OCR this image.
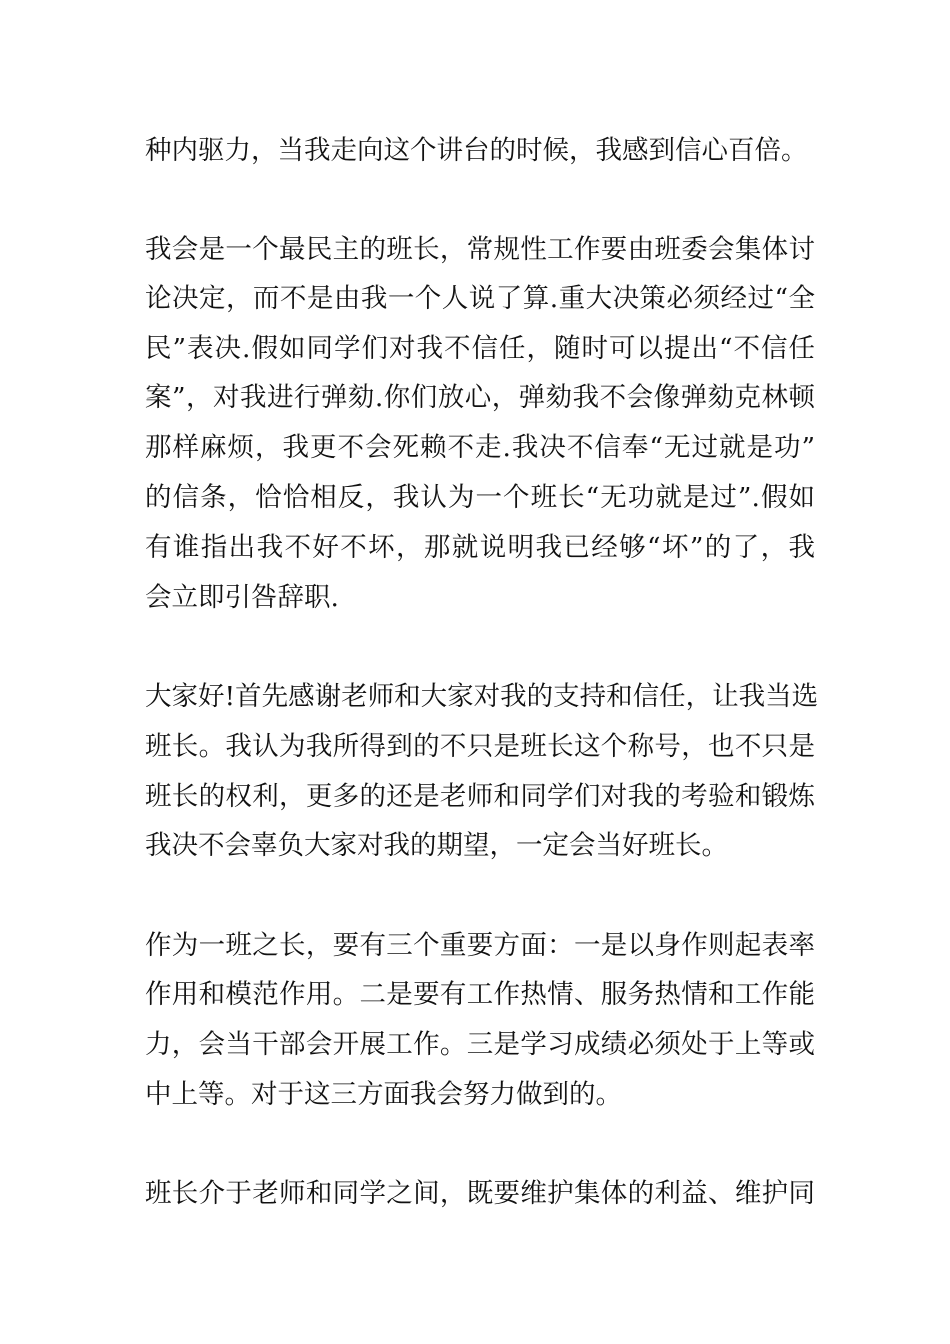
种内驱力，当我走向这个讲台的时候，我感到信心百倍。
我会是一个最民主的班长，常规性工作要由班委会集体讨
论决定，而不是由我一个人说了算.重大决策必须经过“全
民”表决.假如同学们对我不信任，随时可以提出“不信任
案”，对我进行弹劾.你们放心，弹劾我不会像弹劾克林顿
那样麻烦，我更不会死赖不走.我决不信奉“无过就是功”
的信条，恰恰相反，我认为一个班长“无功就是过”.假如
有谁指出我不好不坏，那就说明我已经够“坏”的了，我
会立即引咎辞职.
大家好!首先感谢老师和大家对我的支持和信任，让我当选
班长。我认为我所得到的不只是班长这个称号，也不只是
班长的权利，更多的还是老师和同学们对我的考验和锻炼
我决不会辜负大家对我的期望，一定会当好班长。
作为一班之长，要有三个重要方面：一是以身作则起表率
作用和模范作用。二是要有工作热情、服务热情和工作能
力，会当干部会开展工作。三是学习成绩必须处于上等或
中上等。对于这三方面我会努力做到的。
班长介于老师和同学之间，既要维护集体的利益、维护同
